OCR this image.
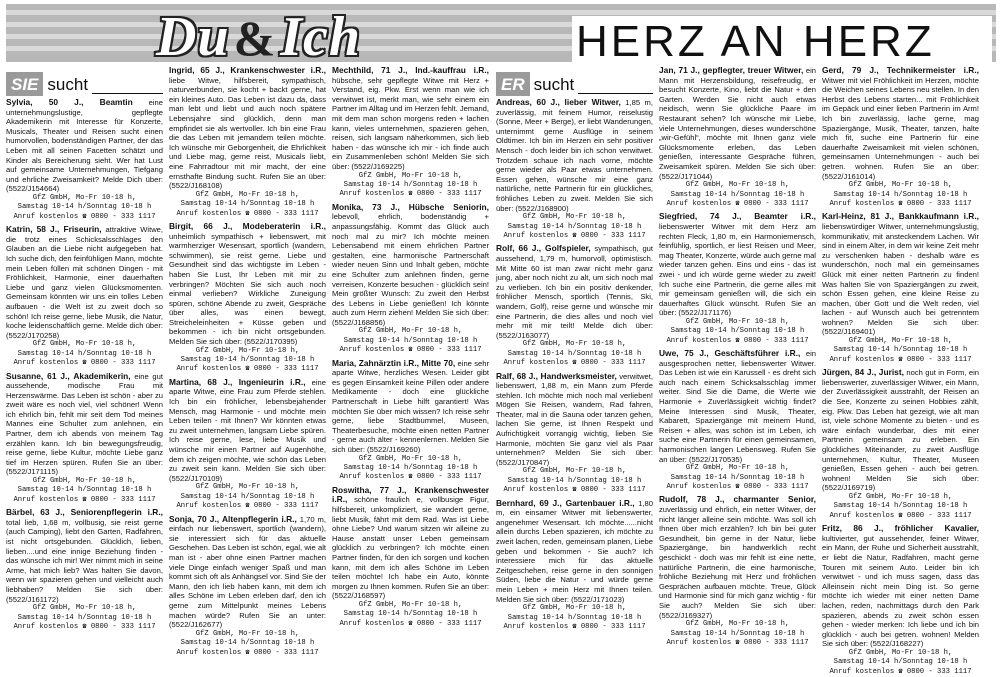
Du&Ich	HERZ AN HERZ
SIE sucht
Sylvia, 50 J., Beamtin eine unternehmungslustige, gepflegte Akademikerin mit Interesse für Konzerte, Musicals, Theater und Reisen sucht einen humorvollen, bodenständigen Partner, der das Leben mit all seinen Facetten schätzt und Kinder als Bereicherung sieht. Wer hat Lust auf gemeinsame Unternehmungen, Tiefgang und ehrliche Zweisamkeit? Melde Dich über: (5522/J154664)
GfZ GmbH, Mo-Fr 10-18 h,
Samstag 10-14 h/Sonntag 10-18 h
Anruf kostenlos ☎ 0800 - 333 1117
Katrin, 58 J., Friseurin, attraktive Witwe, die trotz eines Schicksalsschlages den Glauben an die Liebe nicht aufgegeben hat. Ich suche dich, den feinfühligen Mann, möchte mein Leben füllen mit schönen Dingen - mit Fröhlichkeit, Harmonie, einer dauerhaften Liebe und ganz vielen Glücksmomenten. Gemeinsam könnten wir uns ein tolles Leben aufbauen - die Welt ist zu zweit doch so schön! Ich reise gerne, liebe Musik, die Natur, koche leidenschaftlich gerne. Melde dich über: (5522/J170258)
GfZ GmbH, Mo-Fr 10-18 h,
Samstag 10-14 h/Sonntag 10-18 h
Anruf kostenlos ☎ 0800 - 333 1117
Susanne, 61 J., Akademikerin, eine gut aussehende, modische Frau mit Herzenswärme. Das Leben ist schön - aber zu zweit wäre es noch viel, viel schöner! Wenn ich ehrlich bin, fehlt mir seit dem Tod meines Mannes eine Schulter zum anlehnen, ein Partner, dem ich abends von meinem Tag erzählen kann. Ich bin bewegungsfreudig, reise gerne, liebe Kultur, möchte Liebe ganz tief im Herzen spüren. Rufen Sie an über: (5522/J171115)
GfZ GmbH, Mo-Fr 10-18 h,
Samstag 10-14 h/Sonntag 10-18 h
Anruf kostenlos ☎ 0800 - 333 1117
Bärbel, 63 J., Seniorenpflegerin i.R., total lieb, 1,68 m, vollbusig, sie reist gerne (auch Camping), liebt den Garten, Radfahren, ist nicht ortsgebunden. Glücklich, lieben, lieben....und eine innige Beziehung finden - das wünsche ich mir! Wer nimmt mich in seine Arme, hat mich lieb? Was halten Sie davon, wenn wir spazieren gehen und vielleicht auch liebhaben? Melden Sie sich über: (5522/J161172)
GfZ GmbH, Mo-Fr 10-18 h,
Samstag 10-14 h/Sonntag 10-18 h
Anruf kostenlos ☎ 0800 - 333 1117
Ingrid, 65 J., Krankenschwester i.R., liebe Witwe, hilfsbereit, sympathisch, naturverbunden, sie kocht + backt gerne, hat ein kleines Auto. Das Leben ist dazu da, dass man lebt und liebt und auch noch spätere Lebensjahre sind glücklich, denn man empfindet sie als wertvoller. Ich bin eine Frau die das Leben mit jemandem teilen möchte. Ich wünsche mir Geborgenheit, die Ehrlichkeit und Liebe mag, gerne reist, Musicals liebt, eine Fahrradtour mit mir macht, der eine ernsthafte Bindung sucht. Rufen Sie an über: (5522/J168108)
GfZ GmbH, Mo-Fr 10-18 h,
Samstag 10-14 h/Sonntag 10-18 h
Anruf kostenlos ☎ 0800 - 333 1117
Birgit, 66 J., Modeberaterin i.R., unheimlich sympathisch + liebenswert, mit warmherziger Wesensart, sportlich (wandern, schwimmen), sie reist gerne. Liebe und Gesundheit sind das wichtigste im Leben - haben Sie Lust, Ihr Leben mit mir zu verbringen? Möchten Sie sich auch noch einmal verlieben? Wirkliche Zuneigung spüren, schöne Abende zu zweit, Gespräche über alles, was einen bewegt, Streicheleinheiten + Küsse geben und bekommen - ich bin nicht ortsgebunden. Melden Sie sich über: (5522/J170395)
GfZ GmbH, Mo-Fr 10-18 h,
Samstag 10-14 h/Sonntag 10-18 h
Anruf kostenlos ☎ 0800 - 333 1117
Martina, 68 J., Ingenieurin i.R., eine aparte Witwe, eine Frau zum Pferde stehlen. Ich bin ein fröhlicher, lebensbejahender Mensch, mag Harmonie - und möchte mein Leben teilen - mit Ihnen? Wir könnten etwas zu zweit unternehmen, langsam Liebe spüren. Ich reise gerne, lese, liebe Musik und wünsche mir einen Partner auf Augenhöhe, dem ich zeigen möchte, wie schön das Leben zu zweit sein kann. Melden Sie sich über: (5522/J170109)
GfZ GmbH, Mo-Fr 10-18 h,
Samstag 10-14 h/Sonntag 10-18 h
Anruf kostenlos ☎ 0800 - 333 1117
Sonja, 70 J., Altenpflegerin i.R., 1,70 m, einfach nur liebenswert, sportlich (wandern), sie interessiert sich für das aktuelle Geschehen. Das Leben ist schön, egal, wie alt man ist - aber ohne einen Partner machen viele Dinge einfach weniger Spaß und man kommt sich oft als Anhängsel vor. Sind Sie der Mann, den ich lieb haben kann, mit dem ich alles Schöne im Leben erleben darf, den ich gerne zum Mittelpunkt meines Lebens machen würde? Rufen Sie an unter: (5522/J162677)
GfZ GmbH, Mo-Fr 10-18 h,
Samstag 10-14 h/Sonntag 10-18 h
Anruf kostenlos ☎ 0800 - 333 1117
Mechthild, 71 J., Ind.-kauffrau i.R., hübsche, sehr gepflegte Witwe mit Herz + Verstand, eig. Pkw. Erst wenn man wie ich verwitwet ist, merkt man, wie sehr einem ein Partner im Alltag und im Herzen fehlt. Jemand, mit dem man schon morgens reden + lachen kann, vieles unternehmen, spazieren gehen, reisen, sich langsam näherkommen, sich lieb haben - das wünsche ich mir - ich finde auch ein Zusammenleben schön! Melden Sie sich über: (5522/J169225)
GfZ GmbH, Mo-Fr 10-18 h,
Samstag 10-14 h/Sonntag 10-18 h
Anruf kostenlos ☎ 0800 - 333 1117
Monika, 73 J., Hübsche Seniorin, lebevoll, ehrlich, bodenständig + anpassungsfähig. Kommt das Glück auch noch mal zu mir? Ich möchte meinen Lebensabend mit einem ehrlichen Partner gestalten, eine harmonische Partnerschaft wieder neuen Sinn und Inhalt geben, möchte eine Schulter zum anlehnen finden, gerne verreisen, Konzerte besuchen - glücklich sein! Mein größter Wunsch: Zu zweit den Herbst des Lebens in Liebe genießen! Ich könnte auch zum Herrn ziehen! Melden Sie sich über: (5522/J168856)
GfZ GmbH, Mo-Fr 10-18 h,
Samstag 10-14 h/Sonntag 10-18 h
Anruf kostenlos ☎ 0800 - 333 1117
Maria, Zahnärztin i.R., Mitte 70, eine sehr aparte Witwe, herzliches Wesen. Leider gibt es gegen Einsamkeit keine Pillen oder andere Medikamente - doch eine glückliche Partnerschaft in Liebe hilft garantiert! Was möchten Sie über mich wissen? Ich reise sehr gerne, liebe Stadtbummel, Museen, Theaterbesuche, möchte einen netten Partner - gerne auch älter - kennenlernen. Melden Sie sich über: (5522/J169260)
GfZ GmbH, Mo-Fr 10-18 h,
Samstag 10-14 h/Sonntag 10-18 h
Anruf kostenlos ☎ 0800 - 333 1117
Roswitha, 77 J., Krankenschwester i.R., schöne fraulich e, vollbusige Figur, hilfsbereit, unkompliziert, sie wandert gerne, liebt Musik, fährt mit dem Rad. Was ist Liebe ohne Liebe? Und warum sitzen wir alleine zu Hause anstatt unser Leben gemeinsam glücklich zu verbringen? Ich möchte einen Partner finden, für den ich sorgen und kochen kann, mit dem ich alles Schöne im Leben teilen möchte! Ich habe ein Auto, könnte morgen zu Ihnen kommen. Rufen Sie an über: (5522/J168597)
GfZ GmbH, Mo-Fr 10-18 h,
Samstag 10-14 h/Sonntag 10-18 h
Anruf kostenlos ☎ 0800 - 333 1117
ER sucht
Andreas, 60 J., lieber Witwer, 1,85 m, zuverlässig, mit feinem Humor, reiselustig (Sonne, Meer + Berge), er liebt Wanderungen, unternimmt gerne Ausflüge in seinem Oldtimer. Ich bin im Herzen ein sehr positiver Mensch - doch leider bin ich schon verwitwet. Trotzdem schaue ich nach vorne, möchte gerne wieder als Paar etwas unternehmen. Essen gehen, wünsche mir eine ganz natürliche, nette Partnerin für ein glückliches, fröhliches Leben zu zweit. Melden Sie sich über: (5522/J168900)
GfZ GmbH, Mo-Fr 10-18 h,
Samstag 10-14 h/Sonntag 10-18 h
Anruf kostenlos ☎ 0800 - 333 1117
Rolf, 66 J., Golfspieler, sympathisch, gut aussehend, 1,79 m, humorvoll, optimistisch. Mit Mitte 60 ist man zwar nicht mehr ganz jung, aber noch nicht zu alt, um sich noch mal zu verlieben. Ich bin ein positiv denkender, fröhlicher Mensch, sportlich (Tennis, Ski, wandern, Golf), reise gerne und wünsche mir eine Partnerin, die dies alles und noch viel mehr mit mir teilt! Melde dich über: (5522/J163077)
GfZ GmbH, Mo-Fr 10-18 h,
Samstag 10-14 h/Sonntag 10-18 h
Anruf kostenlos ☎ 0800 - 333 1117
Ralf, 68 J., Handwerksmeister, verwitwet, liebenswert, 1,88 m, ein Mann zum Pferde stehlen. Ich möchte mich noch mal verlieben! Mögen Sie Reisen, wandern, Rad fahren, Theater, mal in die Sauna oder tanzen gehen, lachen Sie gerne, ist Ihnen Respekt und Aufrichtigkeit vorrangig wichtig, lieben Sie Harmonie, möchten Sie ganz viel als Paar unternehmen? Melden Sie sich über: (5522/J170847)
GfZ GmbH, Mo-Fr 10-18 h,
Samstag 10-14 h/Sonntag 10-18 h
Anruf kostenlos ☎ 0800 - 333 1117
Bernhard, 69 J., Gartenbauer i.R., 1,80 m, ein einsamer Witwer mit liebenswerter, angenehmer Wesensart. Ich möchte......nicht allein durchs Leben spazieren, ich möchte zu zweit lachen, reden, gemeinsam planen, Liebe geben und bekommen - Sie auch? Ich interessiere mich für das aktuelle Zeitgeschehen, reise gerne in den sonnigen Süden, liebe die Natur - und würde gerne mein Leben + mein Herz mit Ihnen teilen. Melden Sie sich über: (5522/J171023)
GfZ GmbH, Mo-Fr 10-18 h,
Samstag 10-14 h/Sonntag 10-18 h
Anruf kostenlos ☎ 0800 - 333 1117
Jan, 71 J., gepflegter, treuer Witwer, ein Mann mit Herzensbildung, reisefreudig, er besucht Konzerte, Kino, liebt die Natur + den Garten. Werden Sie nicht auch etwas neidisch, wenn Sie glückliche Paare im Restaurant sehen? Ich wünsche mir Liebe, viele Unternehmungen, dieses wunderschöne „wir-Gefühl“, möchte mit Ihnen ganz viele Glücksmomente erleben, das Leben genießen, interessante Gespräche führen, Zweisamkeit spüren. Melden Sie sich über: (5522/J171044)
GfZ GmbH, Mo-Fr 10-18 h,
Samstag 10-14 h/Sonntag 10-18 h
Anruf kostenlos ☎ 0800 - 333 1117
Siegfried, 74 J., Beamter i.R., liebenswerter Witwer mit dem Herz am rechten Fleck, 1,80 m, ein Harmoniemensch, feinfühlig, sportlich, er liest Reisen und Meer, mag Theater, Konzerte, würde auch gerne mal wieder tanzen gehen. Eins und eins - das ist zwei - und ich würde gerne wieder zu zweit! Ich suche eine Partnerin, die gerne alles mit mir gemeinsam genießen will, die sich ein dauerhaftes Glück wünscht. Rufen Sie an über: (5522/J171176)
GfZ GmbH, Mo-Fr 10-18 h,
Samstag 10-14 h/Sonntag 10-18 h
Anruf kostenlos ☎ 0800 - 333 1117
Uwe, 75 J., Geschäftsführer i.R., ein ausgesprochen netter, liebenswerter Witwer. Das Leben ist wie ein Karussell - es dreht sich auch nach einem Schicksalsschlag immer weiter. Sind Sie die Dame, die Werte wie Harmonie + Zuverlässigkeit wichtig findet? Meine Interessen sind Musik, Theater, Kabarett, Spaziergänge mit meinem Hund, Reisen + alles, was schön ist im Leben, ich suche eine Partnerin für einen gemeinsamen, harmonischen langen Lebensweg. Rufen Sie an über: (5522/J170535)
GfZ GmbH, Mo-Fr 10-18 h,
Samstag 10-14 h/Sonntag 10-18 h
Anruf kostenlos ☎ 0800 - 333 1117
Rudolf, 78 J., charmanter Senior, zuverlässig und ehrlich, ein netter Witwer, der nicht länger alleine sein möchte. Was soll ich Ihnen über mich erzählen? Ich bin bei guter Gesundheit, bin gerne in der Natur, liebe Spaziergänge, bin handwerklich recht geschickt - doch was mir fehlt ist eine nette, natürliche Partnerin, die eine harmonische, fröhliche Beziehung mit Herz und fröhlichen Gesprächen aufbauen möchte. Treue, Glück und Harmonie sind für mich ganz wichtig - für Sie auch? Melden Sie sich über: (5522/J169327)
GfZ GmbH, Mo-Fr 10-18 h,
Samstag 10-14 h/Sonntag 10-18 h
Anruf kostenlos ☎ 0800 - 333 1117
Gerd, 79 J., Technikermeister i.R., Witwer mit viel Fröhlichkeit im Herzen, möchte die Weichen seines Lebens neu stellen. In den Herbst des Lebens starten... mit Fröhlichkeit im Gepäck und einer lieben Partnerin im Arm! Ich bin zuverlässig, lache gerne, mag Spaziergänge, Musik, Theater, tanzen, halte mich fit, suche eine Partnerin für eine dauerhafte Zweisamkeit mit vielen schönen, gemeinsamen Unternehmungen - auch bei getren. wohnen. Rufen Sie an über: (5522/J161014)
GfZ GmbH, Mo-Fr 10-18 h,
Samstag 10-14 h/Sonntag 10-18 h
Anruf kostenlos ☎ 0800 - 333 1117
Karl-Heinz, 81 J., Bankkaufmann i.R., liebenswürdiger Witwer, unternehmungslustig, kommunikativ, mit ansteckendem Lachen. Wir sind in einem Alter, in dem wir keine Zeit mehr zu verschenken haben - deshalb wäre es wunderschön, noch mal ein gemeinsames Glück mit einer netten Partnerin zu finden! Was halten Sie von Spaziergängen zu zweit, schön Essen gehen, eine kleine Reise zu machen, über Gott und die Welt reden, viel lachen - auf Wunsch auch bei getrenntem wohnen? Melden Sie sich über: (5522/J169401)
GfZ GmbH, Mo-Fr 10-18 h,
Samstag 10-14 h/Sonntag 10-18 h
Anruf kostenlos ☎ 0800 - 333 1117
Jürgen, 84 J., Jurist, noch gut in Form, ein liebenswerter, zuverlässiger Witwer, ein Mann, der Zuverlässigkeit ausstrahlt, der Reisen an die See, Konzerte zu seinen Hobbies zählt, eig. Pkw. Das Leben hat gezeigt, wie alt man ist, viele schöne Momente zu bieten - und es wäre einfach wunderbar, dies mit einer Partnerin gemeinsam zu erleben. Ein glückliches Miteinander, zu zweit Ausflüge unternehmen, Kultur, Theater, Museen genießen, Essen gehen - auch bei getren. wohnen! Melden Sie sich über: (5522/J169719)
GfZ GmbH, Mo-Fr 10-18 h,
Samstag 10-14 h/Sonntag 10-18 h
Anruf kostenlos ☎ 0800 - 333 1117
Fritz, 86 J., fröhlicher Kavalier, kultivierter, gut aussehender, feiner Witwer, ein Mann, der Ruhe und Sicherheit ausstrahlt, er liebt die Natur, Radfahren, macht gerne Touren mit seinem Auto. Leider bin ich verwitwet - und ich muss sagen, dass das Alleinsein nicht mein Ding ist. So gerne möchte ich wieder mit einer netten Dame lachen, reden, nachmittags durch den Park spazieren, abends zu zweit schön essen gehen - wieder merken: Ich liebe und ich bin glücklich - auch bei getren. wohnen! Melden Sie sich über: (5522/J168227)
GfZ GmbH, Mo-Fr 10-18 h,
Samstag 10-14 h/Sonntag 10-18 h
Anruf kostenlos ☎ 0800 - 333 1117
